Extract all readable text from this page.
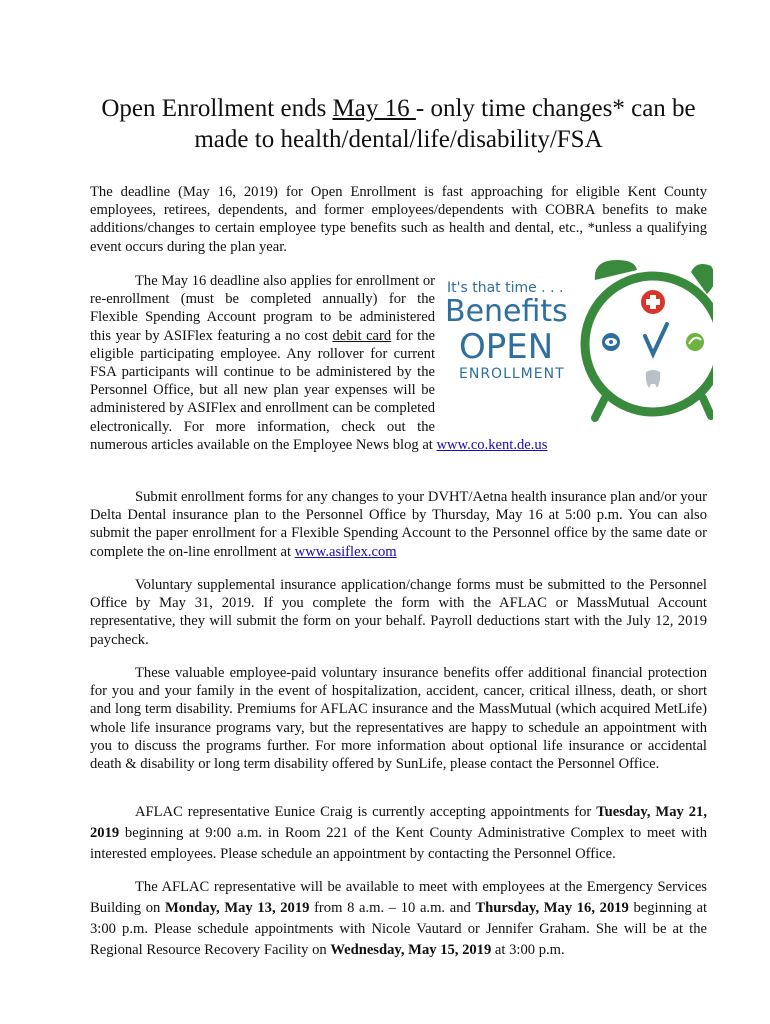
Open Enrollment ends May 16 - only time changes* can be made to health/dental/life/disability/FSA

The deadline (May 16, 2019) for Open Enrollment is fast approaching for eligible Kent County employees, retirees, dependents, and former employees/dependents with COBRA benefits to make additions/changes to certain employee type benefits such as health and dental, etc., *unless a qualifying event occurs during the plan year.

It's that time . . .
Benefits
OPEN
ENROLLMENT

The May 16 deadline also applies for enrollment or re-enrollment (must be completed annually) for the Flexible Spending Account program to be administered this year by ASIFlex featuring a no cost debit card for the eligible participating employee. Any rollover for current FSA participants will continue to be administered by the Personnel Office, but all new plan year expenses will be administered by ASIFlex and enrollment can be completed electronically. For more information, check out the numerous articles available on the Employee News blog at www.co.kent.de.us

Submit enrollment forms for any changes to your DVHT/Aetna health insurance plan and/or your Delta Dental insurance plan to the Personnel Office by Thursday, May 16 at 5:00 p.m. You can also submit the paper enrollment for a Flexible Spending Account to the Personnel office by the same date or complete the on-line enrollment at www.asiflex.com

Voluntary supplemental insurance application/change forms must be submitted to the Personnel Office by May 31, 2019. If you complete the form with the AFLAC or MassMutual Account representative, they will submit the form on your behalf. Payroll deductions start with the July 12, 2019 paycheck.

These valuable employee-paid voluntary insurance benefits offer additional financial protection for you and your family in the event of hospitalization, accident, cancer, critical illness, death, or short and long term disability. Premiums for AFLAC insurance and the MassMutual (which acquired MetLife) whole life insurance programs vary, but the representatives are happy to schedule an appointment with you to discuss the programs further. For more information about optional life insurance or accidental death & disability or long term disability offered by SunLife, please contact the Personnel Office.

AFLAC representative Eunice Craig is currently accepting appointments for Tuesday, May 21, 2019 beginning at 9:00 a.m. in Room 221 of the Kent County Administrative Complex to meet with interested employees. Please schedule an appointment by contacting the Personnel Office.

The AFLAC representative will be available to meet with employees at the Emergency Services Building on Monday, May 13, 2019 from 8 a.m. – 10 a.m. and Thursday, May 16, 2019 beginning at 3:00 p.m. Please schedule appointments with Nicole Vautard or Jennifer Graham. She will be at the Regional Resource Recovery Facility on Wednesday, May 15, 2019 at 3:00 p.m.
